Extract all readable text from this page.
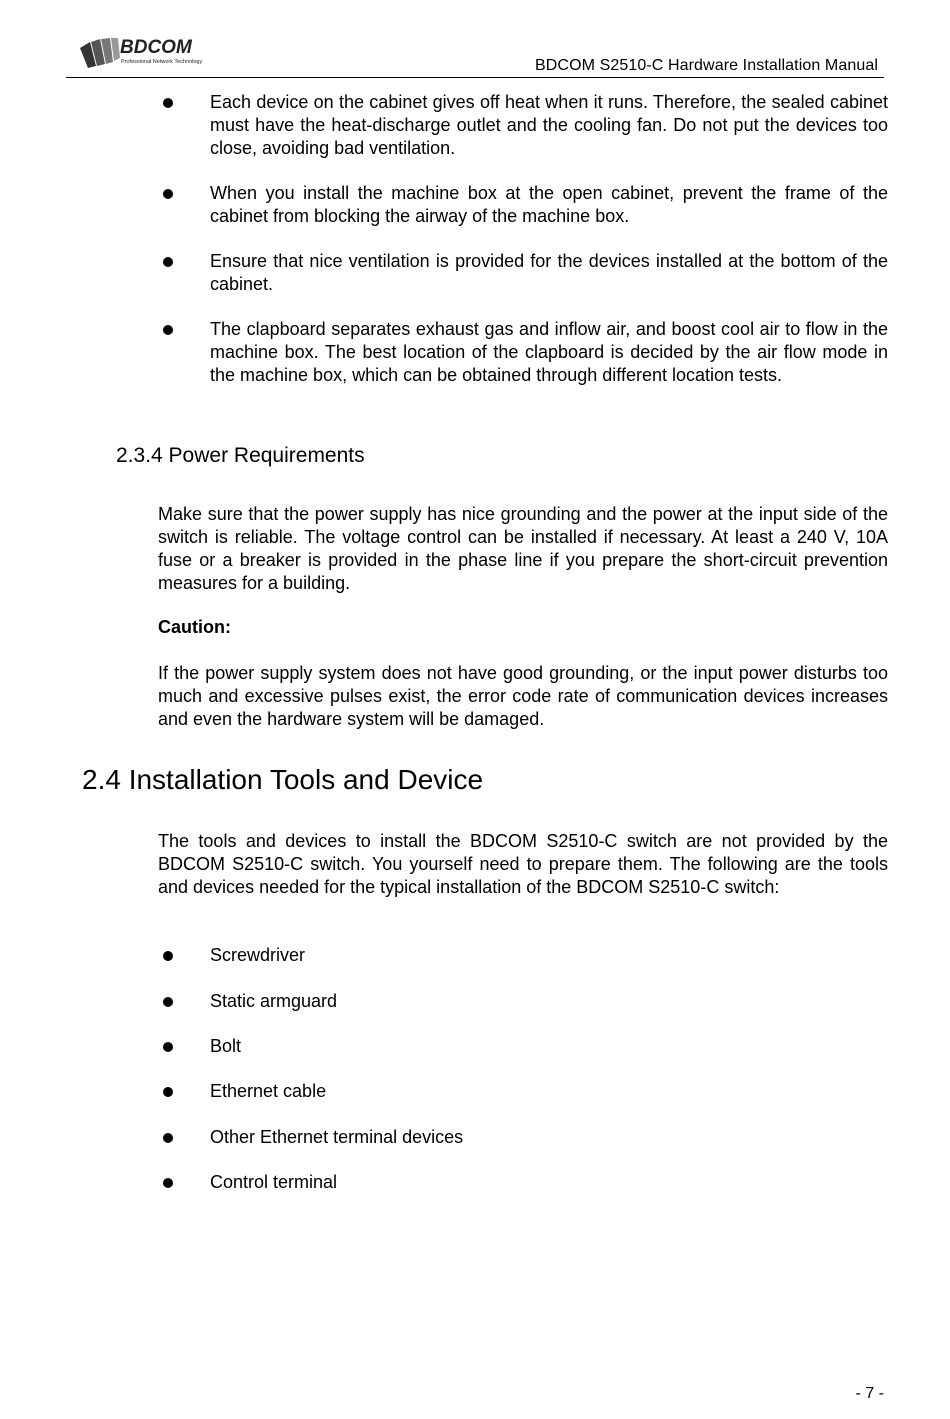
BDCOM
Professional Network Technology	BDCOM S2510-C Hardware Installation Manual
Each device on the cabinet gives off heat when it runs. Therefore, the sealed cabinet must have the heat-discharge outlet and the cooling fan. Do not put the devices too close, avoiding bad ventilation.
When you install the machine box at the open cabinet, prevent the frame of the cabinet from blocking the airway of the machine box.
Ensure that nice ventilation is provided for the devices installed at the bottom of the cabinet.
The clapboard separates exhaust gas and inflow air, and boost cool air to flow in the machine box. The best location of the clapboard is decided by the air flow mode in the machine box, which can be obtained through different location tests.
2.3.4 Power Requirements
Make sure that the power supply has nice grounding and the power at the input side of the switch is reliable. The voltage control can be installed if necessary. At least a 240 V, 10A fuse or a breaker is provided in the phase line if you prepare the short-circuit prevention measures for a building.
Caution:
If the power supply system does not have good grounding, or the input power disturbs too much and excessive pulses exist, the error code rate of communication devices increases and even the hardware system will be damaged.
2.4 Installation Tools and Device
The tools and devices to install the BDCOM S2510-C switch are not provided by the BDCOM S2510-C switch. You yourself need to prepare them. The following are the tools and devices needed for the typical installation of the BDCOM S2510-C switch:
Screwdriver
Static armguard
Bolt
Ethernet cable
Other Ethernet terminal devices
Control terminal
- 7 -
